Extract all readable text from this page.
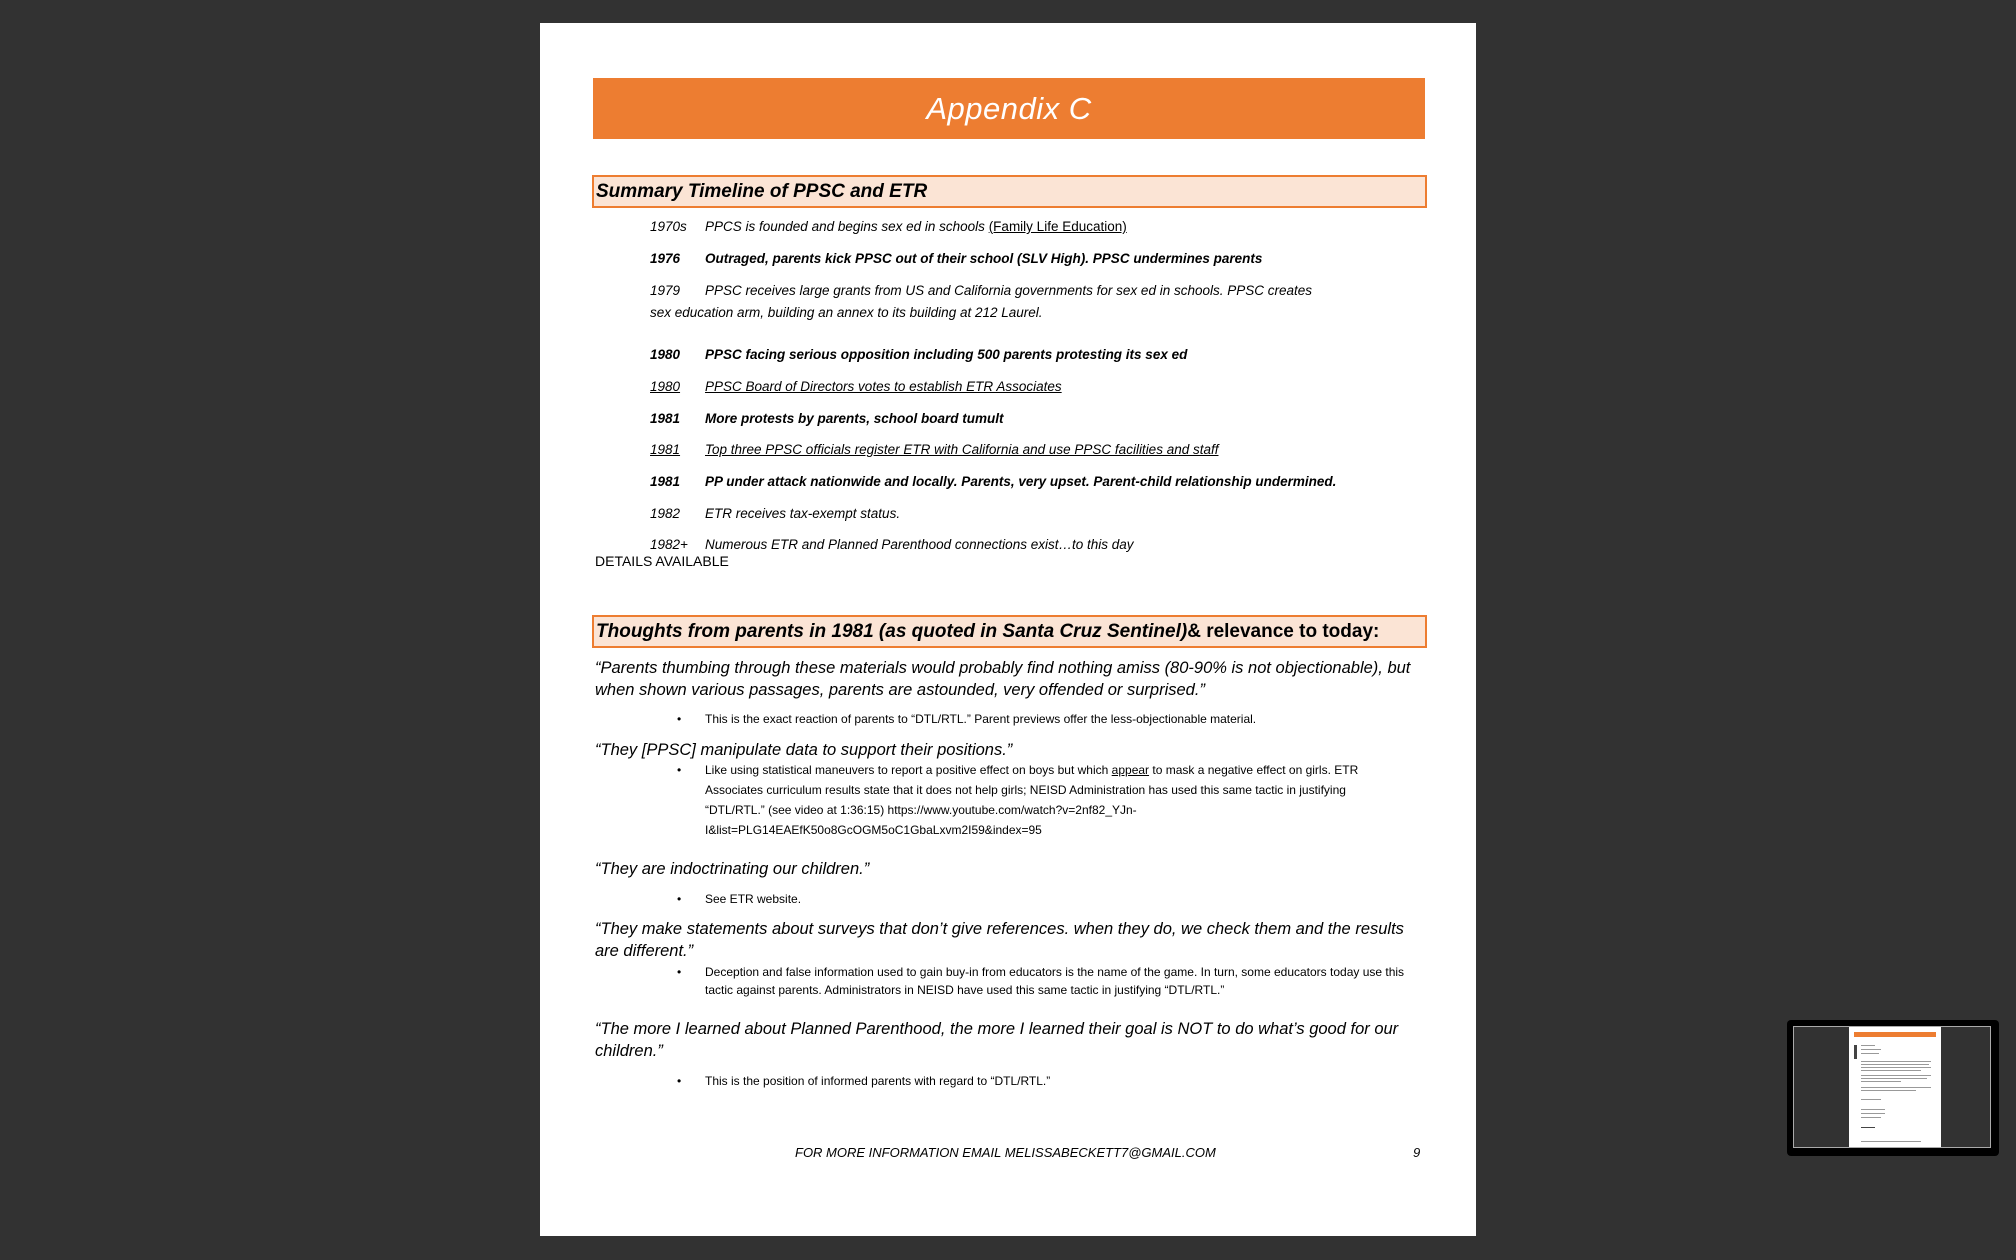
Appendix C
Summary Timeline of PPSC and ETR
1970s PPCS is founded and begins sex ed in schools (Family Life Education)
1976 Outraged, parents kick PPSC out of their school (SLV High). PPSC undermines parents
1979 PPSC receives large grants from US and California governments for sex ed in schools. PPSC creates sex education arm, building an annex to its building at 212 Laurel.
1980 PPSC facing serious opposition including 500 parents protesting its sex ed
1980 PPSC Board of Directors votes to establish ETR Associates
1981 More protests by parents, school board tumult
1981 Top three PPSC officials register ETR with California and use PPSC facilities and staff
1981 PP under attack nationwide and locally. Parents, very upset. Parent-child relationship undermined.
1982 ETR receives tax-exempt status.
1982+ Numerous ETR and Planned Parenthood connections exist…to this day
DETAILS AVAILABLE
Thoughts from parents in 1981 (as quoted in Santa Cruz Sentinel) & relevance to today:
“Parents thumbing through these materials would probably find nothing amiss (80-90% is not objectionable), but when shown various passages, parents are astounded, very offended or surprised.”
• This is the exact reaction of parents to “DTL/RTL.” Parent previews offer the less-objectionable material.
“They [PPSC] manipulate data to support their positions.”
• Like using statistical maneuvers to report a positive effect on boys but which appear to mask a negative effect on girls. ETR Associates curriculum results state that it does not help girls; NEISD Administration has used this same tactic in justifying “DTL/RTL.” (see video at 1:36:15) https://www.youtube.com/watch?v=2nf82_YJn-I&list=PLG14EAEfK50o8GcOGM5oC1GbaLxvm2I59&index=95
“They are indoctrinating our children.”
• See ETR website.
“They make statements about surveys that don’t give references. when they do, we check them and the results are different.”
• Deception and false information used to gain buy-in from educators is the name of the game. In turn, some educators today use this tactic against parents. Administrators in NEISD have used this same tactic in justifying “DTL/RTL.”
“The more I learned about Planned Parenthood, the more I learned their goal is NOT to do what’s good for our children.”
• This is the position of informed parents with regard to “DTL/RTL.”
FOR MORE INFORMATION EMAIL MELISSABECKETT7@GMAIL.COM	9
